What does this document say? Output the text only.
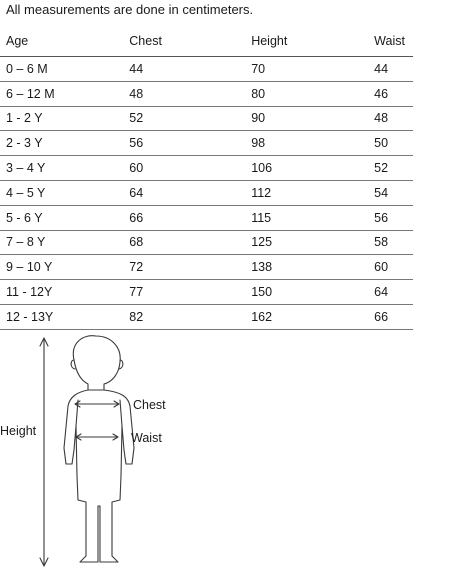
All measurements are done in centimeters.
Age	Chest	Height	Waist
0 – 6 M	44	70	44
6 – 12 M	48	80	46
1 - 2 Y	52	90	48
2 - 3 Y	56	98	50
3 – 4 Y	60	106	52
4 – 5 Y	64	112	54
5 - 6 Y	66	115	56
7 – 8 Y	68	125	58
9 – 10 Y	72	138	60
11 - 12Y	77	150	64
12 - 13Y	82	162	66
Height
Chest
Waist
